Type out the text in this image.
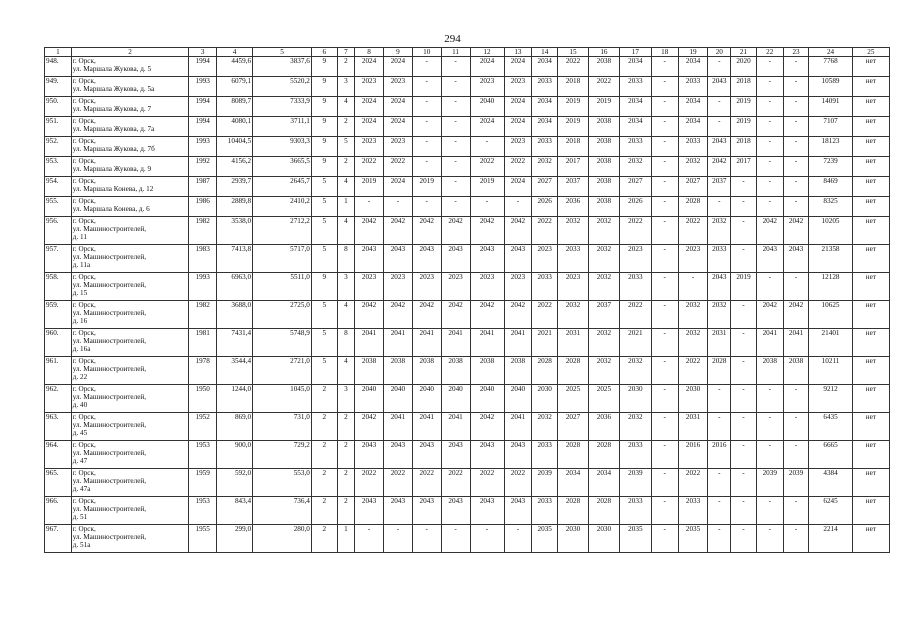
294
1	2	3	4	5	6	7	8	9	10	11	12	13	14	15	16	17	18	19	20	21	22	23	24	25
948.	г. Орск,
ул. Маршала Жукова, д. 5	1994	4459,6	3837,6	9	2	2024	2024	-	-	2024	2024	2034	2022	2038	2034	-	2034	-	2020	-	-	7768	нет
949.	г. Орск,
ул. Маршала Жукова, д. 5а	1993	6079,1	5520,2	9	3	2023	2023	-	-	2023	2023	2033	2018	2022	2033	-	2033	2043	2018	-	-	10589	нет
950.	г. Орск,
ул. Маршала Жукова, д. 7	1994	8089,7	7333,9	9	4	2024	2024	-	-	2040	2024	2034	2019	2019	2034	-	2034	-	2019	-	-	14091	нет
951.	г. Орск,
ул. Маршала Жукова, д. 7а	1994	4080,1	3711,1	9	2	2024	2024	-	-	2024	2024	2034	2019	2038	2034	-	2034	-	2019	-	-	7107	нет
952.	г. Орск,
ул. Маршала Жукова, д. 7б	1993	10404,5	9303,3	9	5	2023	2023	-	-	-	2023	2033	2018	2038	2033	-	2033	2043	2018	-	-	18123	нет
953.	г. Орск,
ул. Маршала Жукова, д. 9	1992	4156,2	3665,5	9	2	2022	2022	-	-	2022	2022	2032	2017	2038	2032	-	2032	2042	2017	-	-	7239	нет
954.	г. Орск,
ул. Маршала Конева, д. 12	1987	2939,7	2645,7	5	4	2019	2024	2019	-	2019	2024	2027	2037	2038	2027	-	2027	2037	-	-	-	8469	нет
955.	г. Орск,
ул. Маршала Конева, д. 6	1986	2889,8	2410,2	5	1	-	-	-	-	-	-	2026	2036	2038	2026	-	2028	-	-	-	-	8325	нет
956.	г. Орск,
ул. Машиностроителей,
д. 11	1982	3538,0	2712,2	5	4	2042	2042	2042	2042	2042	2042	2022	2032	2032	2022	-	2022	2032	-	2042	2042	10205	нет
957.	г. Орск,
ул. Машиностроителей,
д. 11а	1983	7413,8	5717,0	5	8	2043	2043	2043	2043	2043	2043	2023	2033	2032	2023	-	2023	2033	-	2043	2043	21358	нет
958.	г. Орск,
ул. Машиностроителей,
д. 15	1993	6963,0	5511,0	9	3	2023	2023	2023	2023	2023	2023	2033	2023	2032	2033	-	-	2043	2019	-	-	12128	нет
959.	г. Орск,
ул. Машиностроителей,
д. 16	1982	3688,0	2725,0	5	4	2042	2042	2042	2042	2042	2042	2022	2032	2037	2022	-	2032	2032	-	2042	2042	10625	нет
960.	г. Орск,
ул. Машиностроителей,
д. 16а	1981	7431,4	5748,9	5	8	2041	2041	2041	2041	2041	2041	2021	2031	2032	2021	-	2032	2031	-	2041	2041	21401	нет
961.	г. Орск,
ул. Машиностроителей,
д. 22	1978	3544,4	2721,0	5	4	2038	2038	2038	2038	2038	2038	2028	2028	2032	2032	-	2022	2028	-	2038	2038	10211	нет
962.	г. Орск,
ул. Машиностроителей,
д. 40	1950	1244,0	1045,0	2	3	2040	2040	2040	2040	2040	2040	2030	2025	2025	2030	-	2030	-	-	-	-	9212	нет
963.	г. Орск,
ул. Машиностроителей,
д. 45	1952	869,0	731,0	2	2	2042	2041	2041	2041	2042	2041	2032	2027	2036	2032	-	2031	-	-	-	-	6435	нет
964.	г. Орск,
ул. Машиностроителей,
д. 47	1953	900,0	729,2	2	2	2043	2043	2043	2043	2043	2043	2033	2028	2028	2033	-	2016	2016	-	-	-	6665	нет
965.	г. Орск,
ул. Машиностроителей,
д. 47а	1959	592,0	553,0	2	2	2022	2022	2022	2022	2022	2022	2039	2034	2034	2039	-	2022	-	-	2039	2039	4384	нет
966.	г. Орск,
ул. Машиностроителей,
д. 51	1953	843,4	736,4	2	2	2043	2043	2043	2043	2043	2043	2033	2028	2028	2033	-	2033	-	-	-	-	6245	нет
967.	г. Орск,
ул. Машиностроителей,
д. 51а	1955	299,0	280,0	2	1	-	-	-	-	-	-	2035	2030	2030	2035	-	2035	-	-	-	-	2214	нет
